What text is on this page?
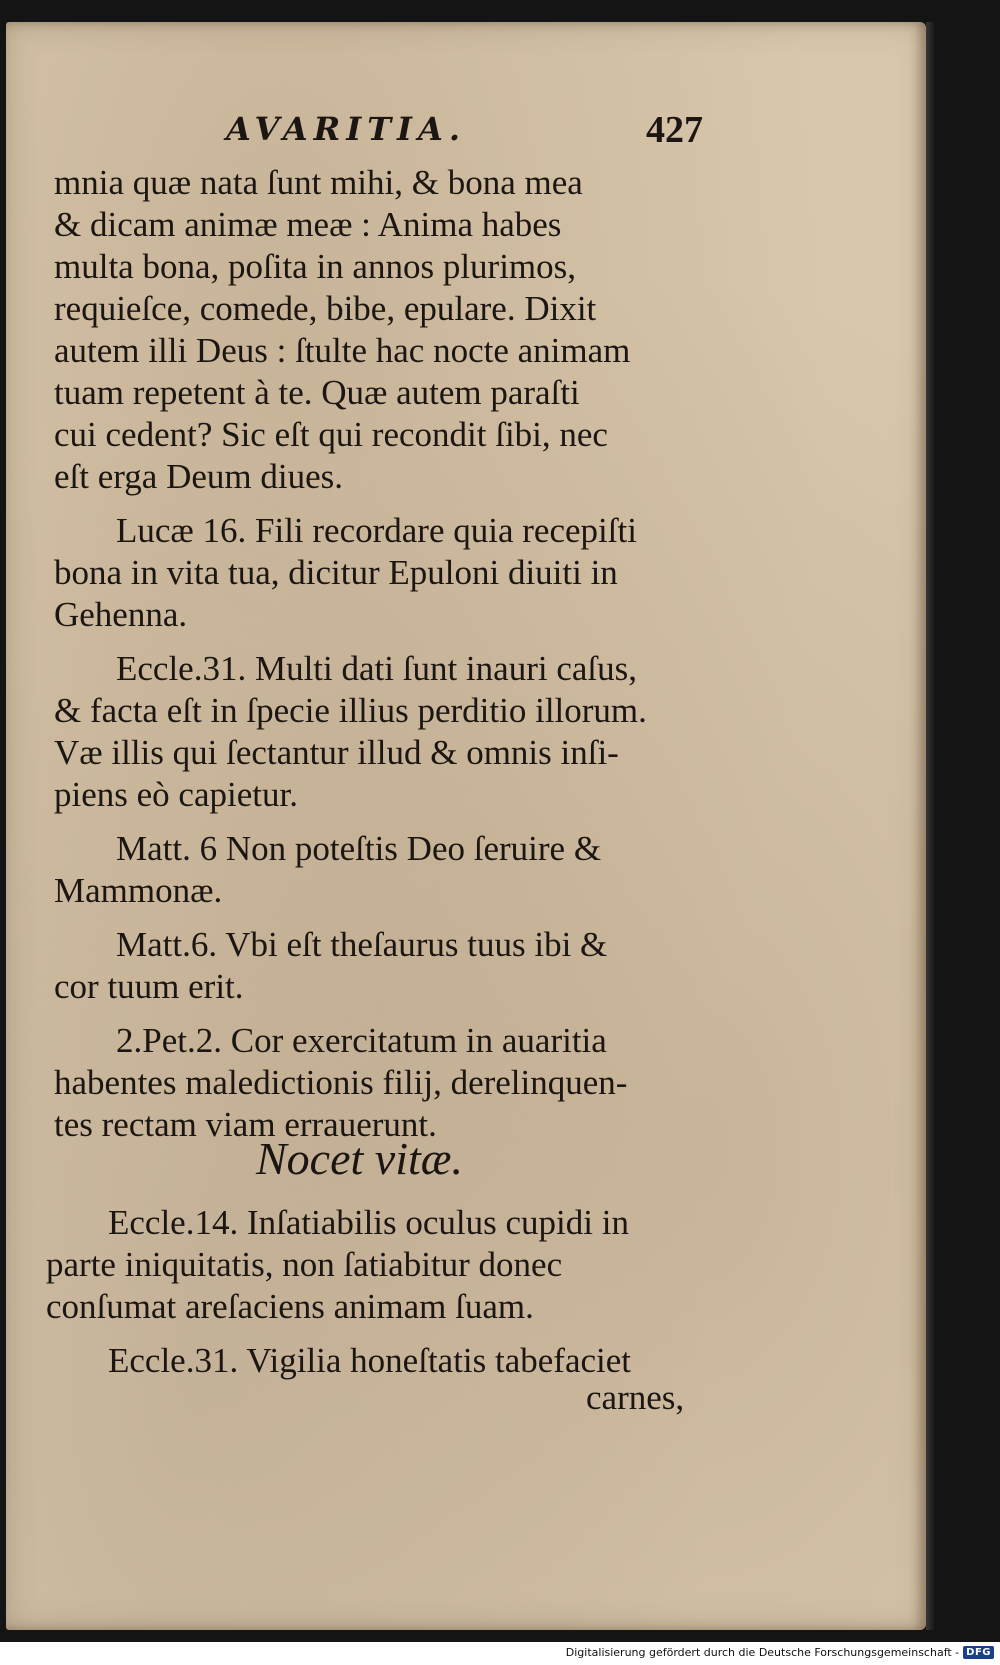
AVARITIA.	427
mnia quæ nata ſunt mihi, & bona mea
& dicam animæ meæ : Anima habes
multa bona, poſita in annos plurimos,
requieſce, comede, bibe, epulare. Dixit
autem illi Deus : ſtulte hac nocte animam
tuam repetent à te. Quæ autem paraſti
cui cedent? Sic eſt qui recondit ſibi, nec
eſt erga Deum diues.
Lucæ 16. Fili recordare quia recepiſti
bona in vita tua, dicitur Epuloni diuiti in
Gehenna.
Eccle.31. Multi dati ſunt inauri caſus,
& facta eſt in ſpecie illius perditio illorum.
Væ illis qui ſectantur illud & omnis inſi-
piens eò capietur.
Matt. 6 Non poteſtis Deo ſeruire &
Mammonæ.
Matt.6. Vbi eſt theſaurus tuus ibi &
cor tuum erit.
2.Pet.2. Cor exercitatum in auaritia
habentes maledictionis filij, derelinquen-
tes rectam viam errauerunt.
Nocet vitæ.
Eccle.14. Inſatiabilis oculus cupidi in
parte iniquitatis, non ſatiabitur donec
conſumat areſaciens animam ſuam.
Eccle.31. Vigilia honeſtatis tabefaciet
carnes,
Digitalisierung gefördert durch die Deutsche Forschungsgemeinschaft - DFG
